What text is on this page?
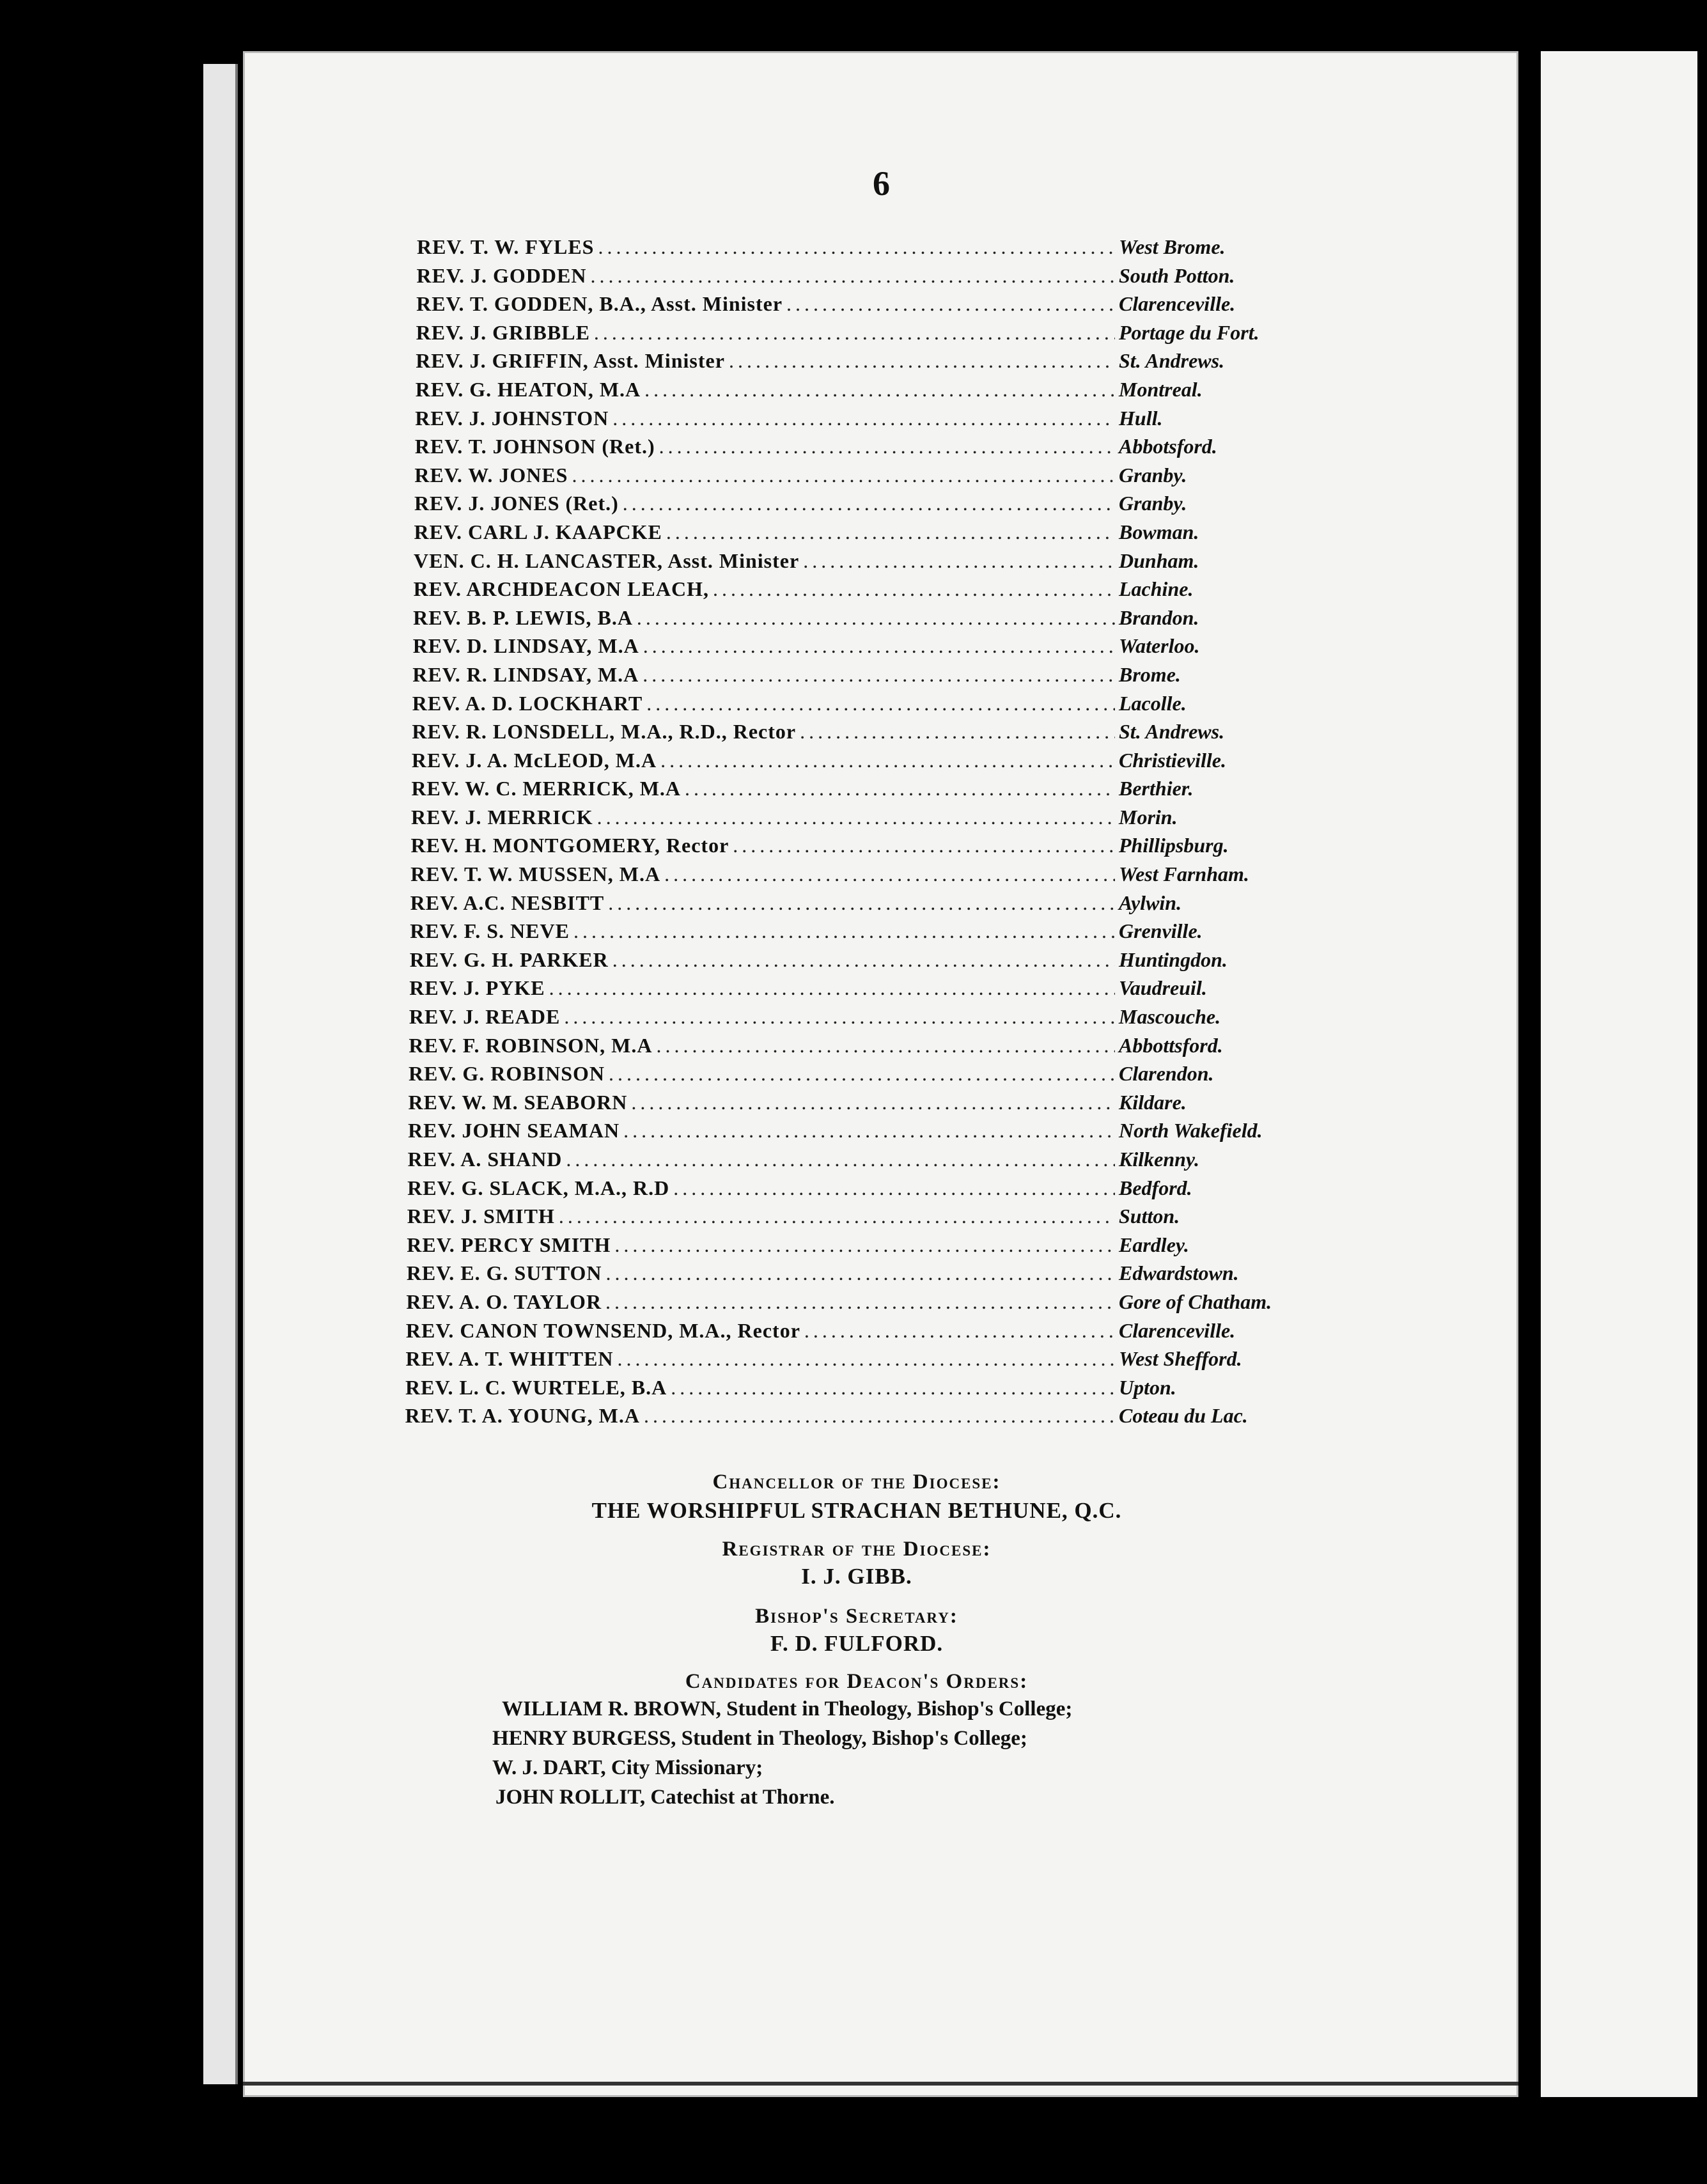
6
REV. T. W. FYLES .....	West Brome.
REV. J. GODDEN .....	South Potton.
REV. T. GODDEN, B.A., Asst. Minister .....	Clarenceville.
REV. J. GRIBBLE .....	Portage du Fort.
REV. J. GRIFFIN, Asst. Minister .....	St. Andrews.
REV. G. HEATON, M.A .....	Montreal.
REV. J. JOHNSTON .....	Hull.
REV. T. JOHNSON (Ret.) .....	Abbotsford.
REV. W. JONES .....	Granby.
REV. J. JONES (Ret.) .....	Granby.
REV. CARL J. KAAPCKE .....	Bowman.
VEN. C. H. LANCASTER, Asst. Minister .....	Dunham.
REV. ARCHDEACON LEACH, .....	Lachine.
REV. B. P. LEWIS, B.A .....	Brandon.
REV. D. LINDSAY, M.A .....	Waterloo.
REV. R. LINDSAY, M.A .....	Brome.
REV. A. D. LOCKHART .....	Lacolle.
REV. R. LONSDELL, M.A., R.D., Rector .....	St. Andrews.
REV. J. A. McLEOD, M.A .....	Christieville.
REV. W. C. MERRICK, M.A .....	Berthier.
REV. J. MERRICK .....	Morin.
REV. H. MONTGOMERY, Rector .....	Phillipsburg.
REV. T. W. MUSSEN, M.A .....	West Farnham.
REV. A.C. NESBITT .....	Aylwin.
REV. F. S. NEVE .....	Grenville.
REV. G. H. PARKER .....	Huntingdon.
REV. J. PYKE .....	Vaudreuil.
REV. J. READE .....	Mascouche.
REV. F. ROBINSON, M.A .....	Abbottsford.
REV. G. ROBINSON .....	Clarendon.
REV. W. M. SEABORN .....	Kildare.
REV. JOHN SEAMAN .....	North Wakefield.
REV. A. SHAND .....	Kilkenny.
REV. G. SLACK, M.A., R.D .....	Bedford.
REV. J. SMITH .....	Sutton.
REV. PERCY SMITH .....	Eardley.
REV. E. G. SUTTON .....	Edwardstown.
REV. A. O. TAYLOR .....	Gore of Chatham.
REV. CANON TOWNSEND, M.A., Rector .....	Clarenceville.
REV. A. T. WHITTEN .....	West Shefford.
REV. L. C. WURTELE, B.A .....	Upton.
REV. T. A. YOUNG, M.A .....	Coteau du Lac.
Chancellor of the Diocese:
THE WORSHIPFUL STRACHAN BETHUNE, Q.C.
Registrar of the Diocese:
I. J. GIBB.
Bishop's Secretary:
F. D. FULFORD.
Candidates for Deacon's Orders:
WILLIAM R. BROWN, Student in Theology, Bishop's College;
HENRY BURGESS, Student in Theology, Bishop's College;
W. J. DART, City Missionary;
JOHN ROLLIT, Catechist at Thorne.
